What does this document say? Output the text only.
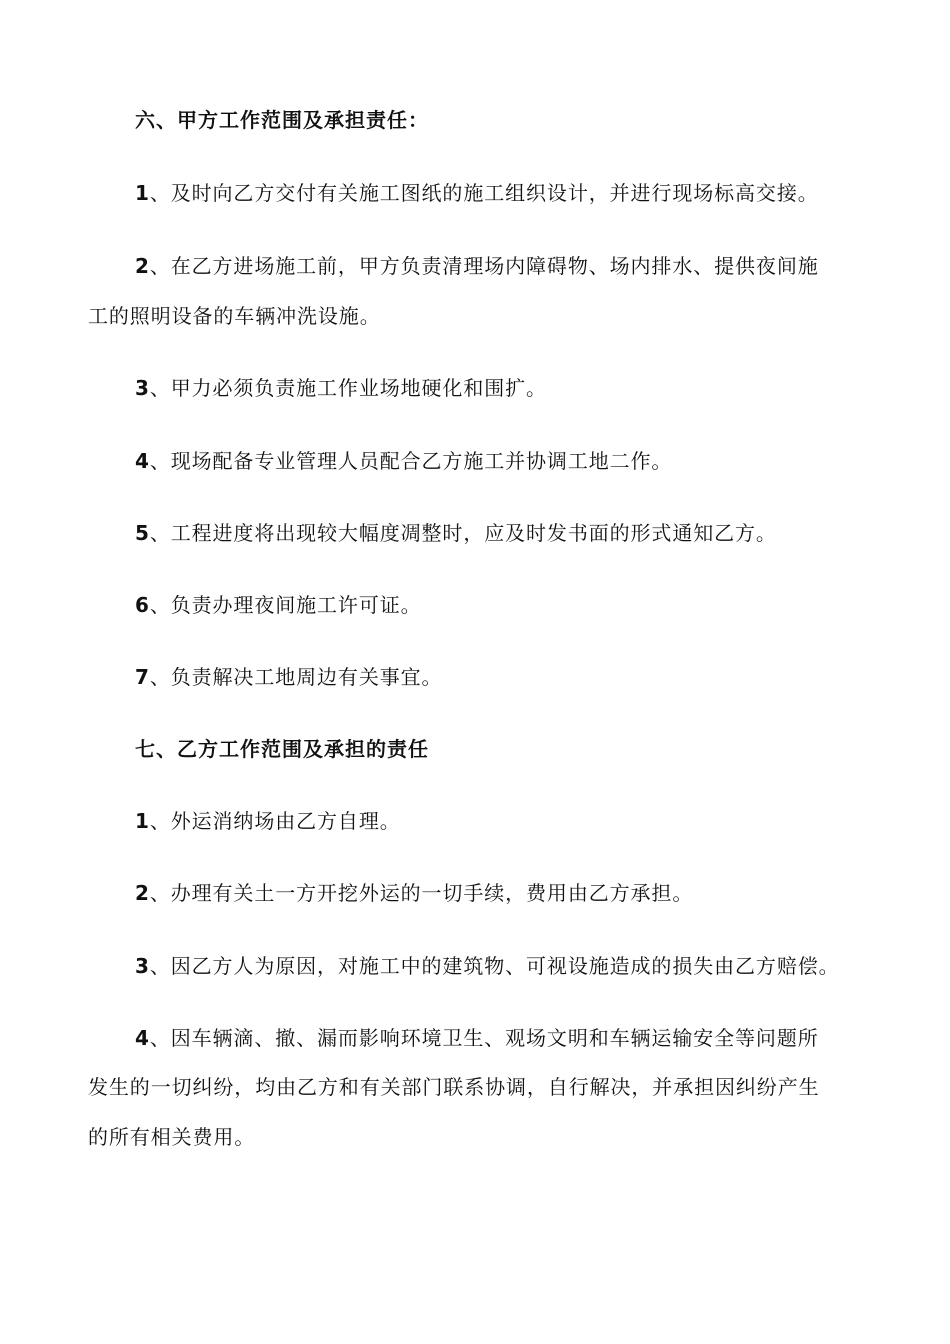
六、甲方工作范围及承担责任：
1、及时向乙方交付有关施工图纸的施工组织设计，并进行现场标高交接。
2、在乙方进场施工前，甲方负责清理场内障碍物、场内排水、提供夜间施
工的照明设备的车辆冲洗设施。
3、甲力必须负责施工作业场地硬化和围扩。
4、现场配备专业管理人员配合乙方施工并协调工地二作。
5、工程进度将出现较大幅度凋整时，应及时发书面的形式通知乙方。
6、负责办理夜间施工许可证。
7、负责解决工地周边有关事宜。
七、乙方工作范围及承担的责任
1、外运消纳场由乙方自理。
2、办理有关土一方开挖外运的一切手续，费用由乙方承担。
3、因乙方人为原因，对施工中的建筑物、可视设施造成的损失由乙方赔偿。
4、因车辆滴、撤、漏而影响环境卫生、观场文明和车辆运输安全等问题所
发生的一切纠纷，均由乙方和有关部门联系协调，自行解决，并承担因纠纷产生
的所有相关费用。
